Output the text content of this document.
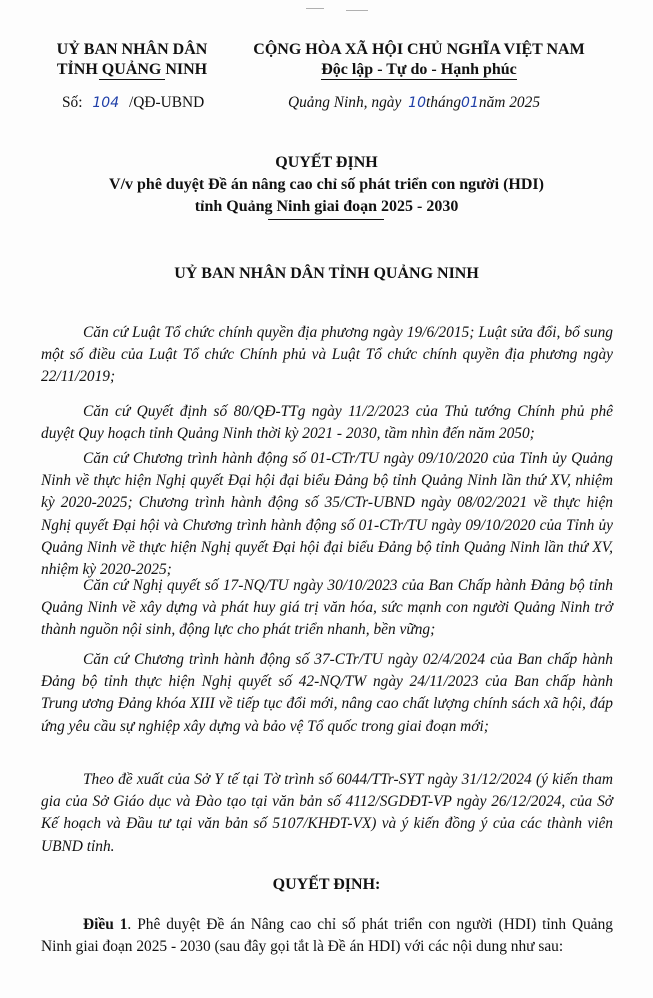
UỶ BAN NHÂN DÂN
TỈNH QUẢNG NINH
CỘNG HÒA XÃ HỘI CHỦ NGHĨA VIỆT NAM
Độc lập - Tự do - Hạnh phúc
Số: 104 /QĐ-UBND	Quảng Ninh, ngày 10tháng01năm 2025
QUYẾT ĐỊNH
V/v phê duyệt Đề án nâng cao chỉ số phát triển con người (HDI)
tỉnh Quảng Ninh giai đoạn 2025 - 2030
UỶ BAN NHÂN DÂN TỈNH QUẢNG NINH
Căn cứ Luật Tổ chức chính quyền địa phương ngày 19/6/2015; Luật sửa đổi, bổ sung một số điều của Luật Tổ chức Chính phủ và Luật Tổ chức chính quyền địa phương ngày 22/11/2019;
Căn cứ Quyết định số 80/QĐ-TTg ngày 11/2/2023 của Thủ tướng Chính phủ phê duyệt Quy hoạch tỉnh Quảng Ninh thời kỳ 2021 - 2030, tầm nhìn đến năm 2050;
Căn cứ Chương trình hành động số 01-CTr/TU ngày 09/10/2020 của Tỉnh ủy Quảng Ninh về thực hiện Nghị quyết Đại hội đại biểu Đảng bộ tỉnh Quảng Ninh lần thứ XV, nhiệm kỳ 2020-2025; Chương trình hành động số 35/CTr-UBND ngày 08/02/2021 về thực hiện Nghị quyết Đại hội và Chương trình hành động số 01-CTr/TU ngày 09/10/2020 của Tỉnh ủy Quảng Ninh về thực hiện Nghị quyết Đại hội đại biểu Đảng bộ tỉnh Quảng Ninh lần thứ XV, nhiệm kỳ 2020-2025;
Căn cứ Nghị quyết số 17-NQ/TU ngày 30/10/2023 của Ban Chấp hành Đảng bộ tỉnh Quảng Ninh về xây dựng và phát huy giá trị văn hóa, sức mạnh con người Quảng Ninh trở thành nguồn nội sinh, động lực cho phát triển nhanh, bền vững;
Căn cứ Chương trình hành động số 37-CTr/TU ngày 02/4/2024 của Ban chấp hành Đảng bộ tỉnh thực hiện Nghị quyết số 42-NQ/TW ngày 24/11/2023 của Ban chấp hành Trung ương Đảng khóa XIII về tiếp tục đổi mới, nâng cao chất lượng chính sách xã hội, đáp ứng yêu cầu sự nghiệp xây dựng và bảo vệ Tổ quốc trong giai đoạn mới;
Theo đề xuất của Sở Y tế tại Tờ trình số 6044/TTr-SYT ngày 31/12/2024 (ý kiến tham gia của Sở Giáo dục và Đào tạo tại văn bản số 4112/SGDĐT-VP ngày 26/12/2024, của Sở Kế hoạch và Đầu tư tại văn bản số 5107/KHĐT-VX) và ý kiến đồng ý của các thành viên UBND tỉnh.
QUYẾT ĐỊNH:
Điều 1. Phê duyệt Đề án Nâng cao chỉ số phát triển con người (HDI) tỉnh Quảng Ninh giai đoạn 2025 - 2030 (sau đây gọi tắt là Đề án HDI) với các nội dung như sau:
